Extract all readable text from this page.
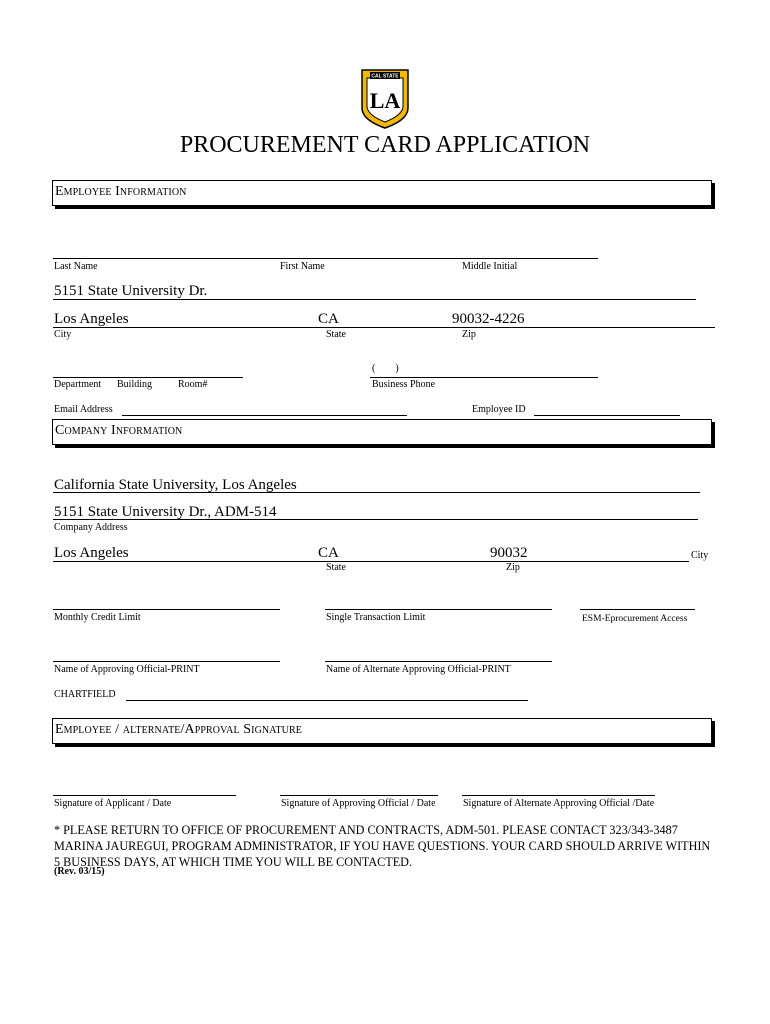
CAL STATE
LA
PROCUREMENT CARD APPLICATION
Employee Information
Last Name	First Name	Middle Initial
5151 State University Dr.
Los Angeles	CA	90032-4226
City	State	Zip
Department Building	Room#
(        )
Business Phone
Email Address	Employee ID
Company Information
California State University, Los Angeles
5151 State University Dr., ADM-514
Company Address
Los Angeles	CA	90032	City
State	Zip
Monthly Credit Limit	Single Transaction Limit	ESM-Eprocurement Access
Name of Approving Official-PRINT	Name of Alternate Approving Official-PRINT
CHARTFIELD
Employee / alternate/Approval Signature
Signature of Applicant / Date	Signature of Approving Official / Date	Signature of Alternate Approving Official /Date
* PLEASE RETURN TO OFFICE OF PROCUREMENT AND CONTRACTS, ADM-501. PLEASE CONTACT 323/343-3487 MARINA JAUREGUI, PROGRAM ADMINISTRATOR, IF YOU HAVE QUESTIONS. YOUR CARD SHOULD ARRIVE WITHIN 5 BUSINESS DAYS, AT WHICH TIME YOU WILL BE CONTACTED.
(Rev. 03/15)
